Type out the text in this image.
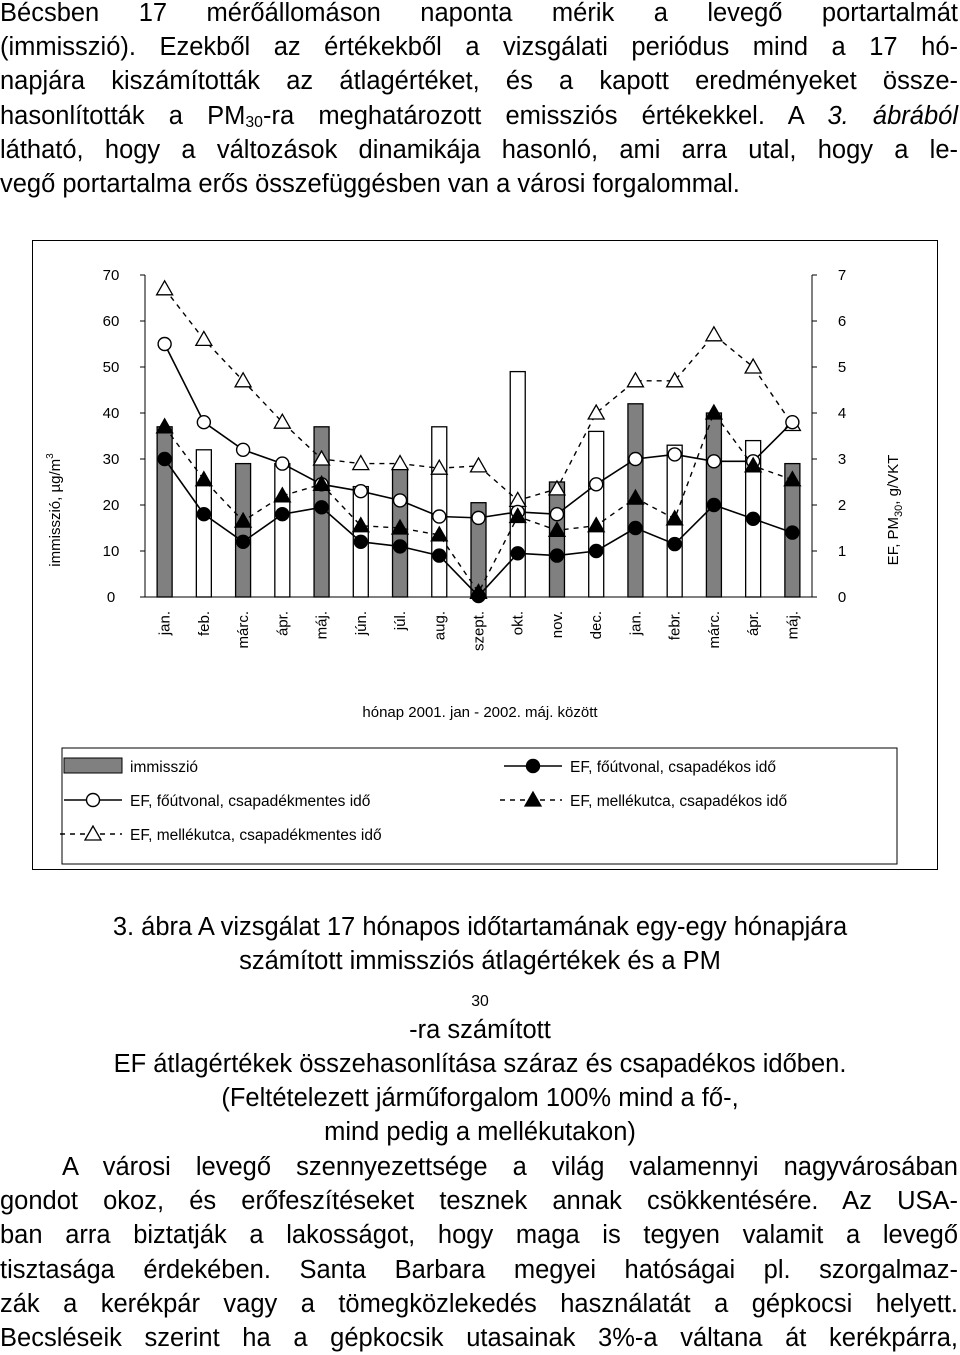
Bécsben 17 mérőállomáson naponta mérik a levegő portartalmát
(immisszió). Ezekből az értékekből a vizsgálati periódus mind a 17 hó-
napjára kiszámították az átlagértéket, és a kapott eredményeket össze-
hasonlították a $PM_{30}-ra$ meghatározott emissziós értékekkel. A 3. ábrából
látható, hogy a változások dinamikája hasonló, ami arra utal, hogy a le-
vegő portartalma erős összefüggésben van a városi forgalommal.
0
10
20
30
40
50
60
70
0
1
2
3
4
5
6
7
jan. feb. márc. ápr. máj. jún. júl. aug. szept. okt. nov. dec. jan. febr. márc. ápr. máj.
immisszió, $\mu g/m^3$
EF, $PM_{30}$, g/VKT
hónap 2001. jan - 2002. máj. között
immisszió
EF, főútvonal, csapadékmentes idő
EF, mellékutca, csapadékmentes idő
EF, főútvonal, csapadékos idő
EF, mellékutca, csapadékos idő
3. ábra A vizsgálat 17 hónapos időtartamának egy-egy hónapjára
számított immissziós átlagértékek és a PM
$_{30}$
-ra számított
EF átlagértékek összehasonlítása száraz és csapadékos időben.
(Feltételezett járműforgalom 100% mind a fő-,
mind pedig a mellékutakon)
A városi levegő szennyezettsége a világ valamennyi nagyvárosában
gondot okoz, és erőfeszítéseket tesznek annak csökkentésére. Az USA-
ban arra biztatják a lakosságot, hogy maga is tegyen valamit a levegő
tisztasága érdekében. Santa Barbara megyei hatóságai pl. szorgalmaz-
zák a kerékpár vagy a tömegközlekedés használatát a gépkocsi helyett.
Becsléseik szerint ha a gépkocsik utasainak 3%-a váltana át kerékpárra,
